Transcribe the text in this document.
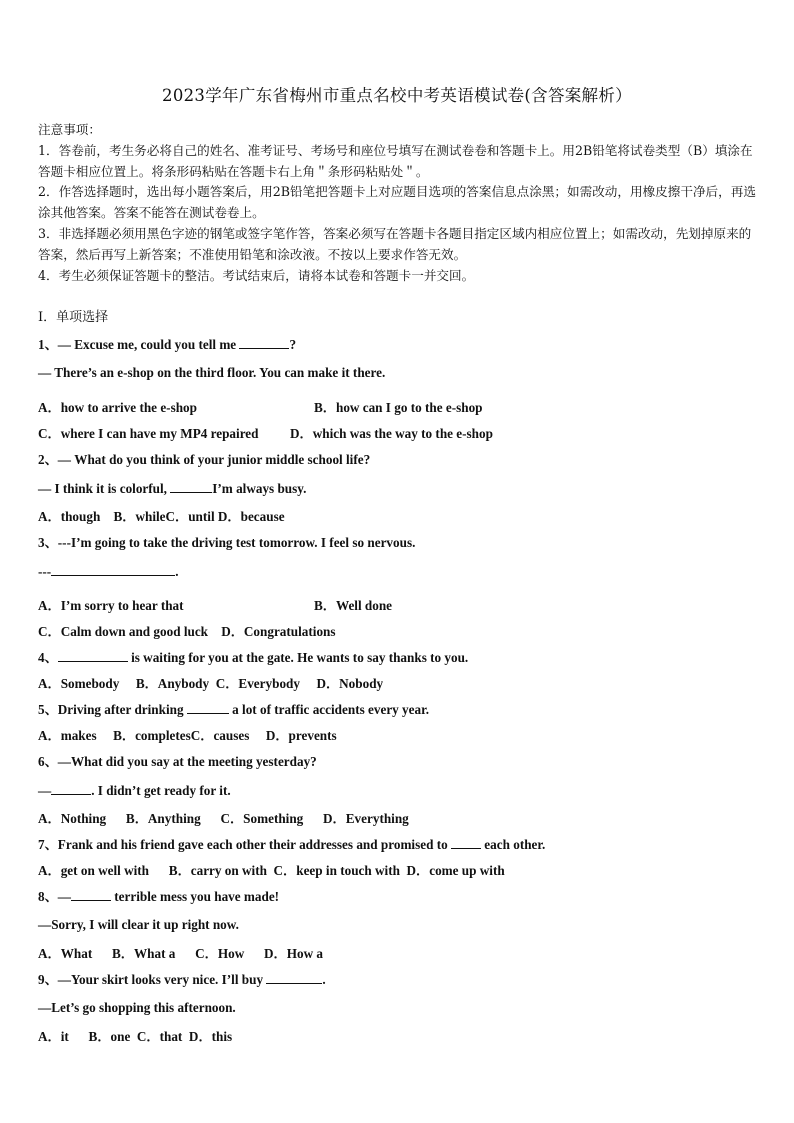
2023学年广东省梅州市重点名校中考英语模试卷(含答案解析）

注意事项：

1．答卷前，考生务必将自己的姓名、准考证号、考场号和座位号填写在测试卷卷和答题卡上。用2B铅笔将试卷类型（B）填涂在答题卡相应位置上。将条形码粘贴在答题卡右上角＂条形码粘贴处＂。

2．作答选择题时，选出每小题答案后，用2B铅笔把答题卡上对应题目选项的答案信息点涂黑；如需改动，用橡皮擦干净后，再选涂其他答案。答案不能答在测试卷卷上。

3．非选择题必须用黑色字迹的钢笔或签字笔作答，答案必须写在答题卡各题目指定区域内相应位置上；如需改动，先划掉原来的答案，然后再写上新答案；不准使用铅笔和涂改液。不按以上要求作答无效。

4．考生必须保证答题卡的整洁。考试结束后，请将本试卷和答题卡一并交回。

Ⅰ．单项选择
1、— Excuse me, could you tell me	?
— There’s an e-shop on the third floor. You can make it there.
A．how to arrive the e-shop	B．how can I go to the e-shop
C．where I can have my MP4 repaired D．which was the way to the e-shop
2、— What do you think of your junior middle school life?
— I think it is colorful,	I’m always busy.
A．though    B．whileC．until D．because
3、---I’m going to take the driving test tomorrow. I feel so nervous.
---	.
A．I’m sorry to hear that	B．Well done
C．Calm down and good luck    D．Congratulations
4、	is waiting for you at the gate. He wants to say thanks to you.
A．Somebody     B．Anybody  C．Everybody     D．Nobody
5、Driving after drinking	a lot of traffic accidents every year.
A．makes     B．completesC．causes     D．prevents
6、—What did you say at the meeting yesterday?
—	. I didn’t get ready for it.
A．Nothing      B．Anything      C．Something      D．Everything
7、Frank and his friend gave each other their addresses and promised to  each other.
A．get on well with      B．carry on with  C．keep in touch with  D．come up with
8、—	terrible mess you have made!
—Sorry, I will clear it up right now.
A．What      B．What a      C．How      D．How a
9、—Your skirt looks very nice. I’ll buy	.
—Let’s go shopping this afternoon.
A．it      B．one  C．that  D．this
